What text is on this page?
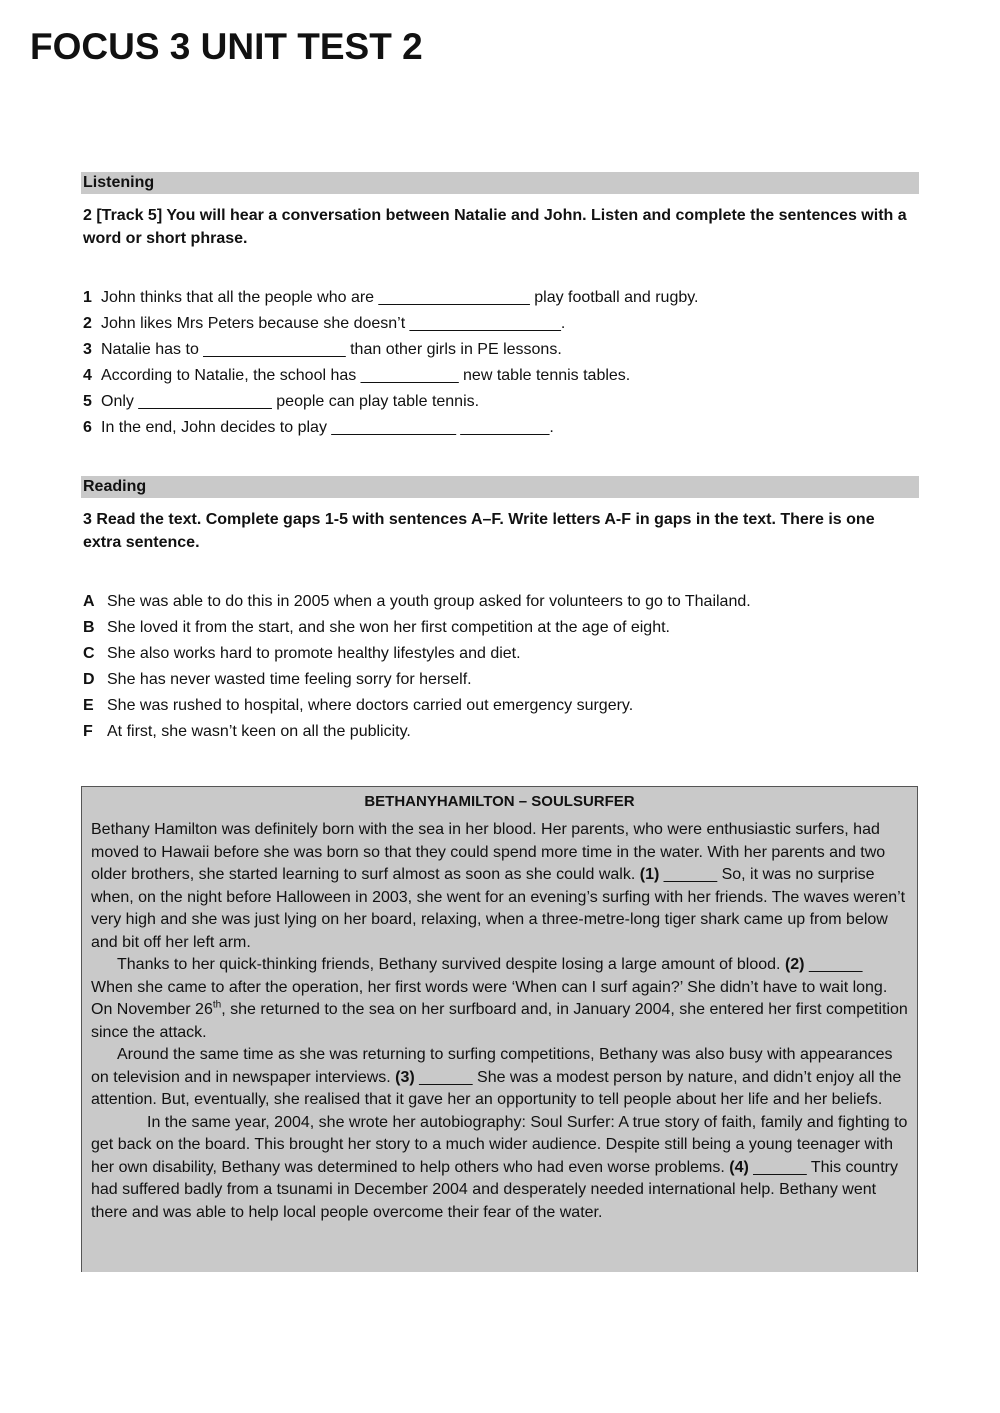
FOCUS 3 UNIT TEST 2
Listening

2 [Track 5] You will hear a conversation between Natalie and John. Listen and complete the sentences with a word or short phrase.

1 John thinks that all the people who are _________________ play football and rugby.
2 John likes Mrs Peters because she doesn’t _________________.
3 Natalie has to ________________ than other girls in PE lessons.
4 According to Natalie, the school has ___________ new table tennis tables.
5 Only _______________ people can play table tennis.
6 In the end, John decides to play ______________ __________.
Reading

3 Read the text. Complete gaps 1-5 with sentences A–F. Write letters A-F in gaps in the text. There is one extra sentence.

A She was able to do this in 2005 when a youth group asked for volunteers to go to Thailand.
B She loved it from the start, and she won her first competition at the age of eight.
C She also works hard to promote healthy lifestyles and diet.
D She has never wasted time feeling sorry for herself.
E She was rushed to hospital, where doctors carried out emergency surgery.
F At first, she wasn’t keen on all the publicity.
BETHANYHAMILTON – SOULSURFER

Bethany Hamilton was definitely born with the sea in her blood. Her parents, who were enthusiastic surfers, had moved to Hawaii before she was born so that they could spend more time in the water. With her parents and two older brothers, she started learning to surf almost as soon as she could walk. (1) ______ So, it was no surprise when, on the night before Halloween in 2003, she went for an evening’s surfing with her friends. The waves weren’t very high and she was just lying on her board, relaxing, when a three-metre-long tiger shark came up from below and bit off her left arm.

Thanks to her quick-thinking friends, Bethany survived despite losing a large amount of blood. (2) ______ When she came to after the operation, her first words were ‘When can I surf again?’ She didn’t have to wait long. On November 26th, she returned to the sea on her surfboard and, in January 2004, she entered her first competition since the attack.

Around the same time as she was returning to surfing competitions, Bethany was also busy with appearances on television and in newspaper interviews. (3) ______ She was a modest person by nature, and didn’t enjoy all the attention. But, eventually, she realised that it gave her an opportunity to tell people about her life and her beliefs.

In the same year, 2004, she wrote her autobiography: Soul Surfer: A true story of faith, family and fighting to get back on the board. This brought her story to a much wider audience. Despite still being a young teenager with her own disability, Bethany was determined to help others who had even worse problems. (4) ______ This country had suffered badly from a tsunami in December 2004 and desperately needed international help. Bethany went there and was able to help local people overcome their fear of the water.
